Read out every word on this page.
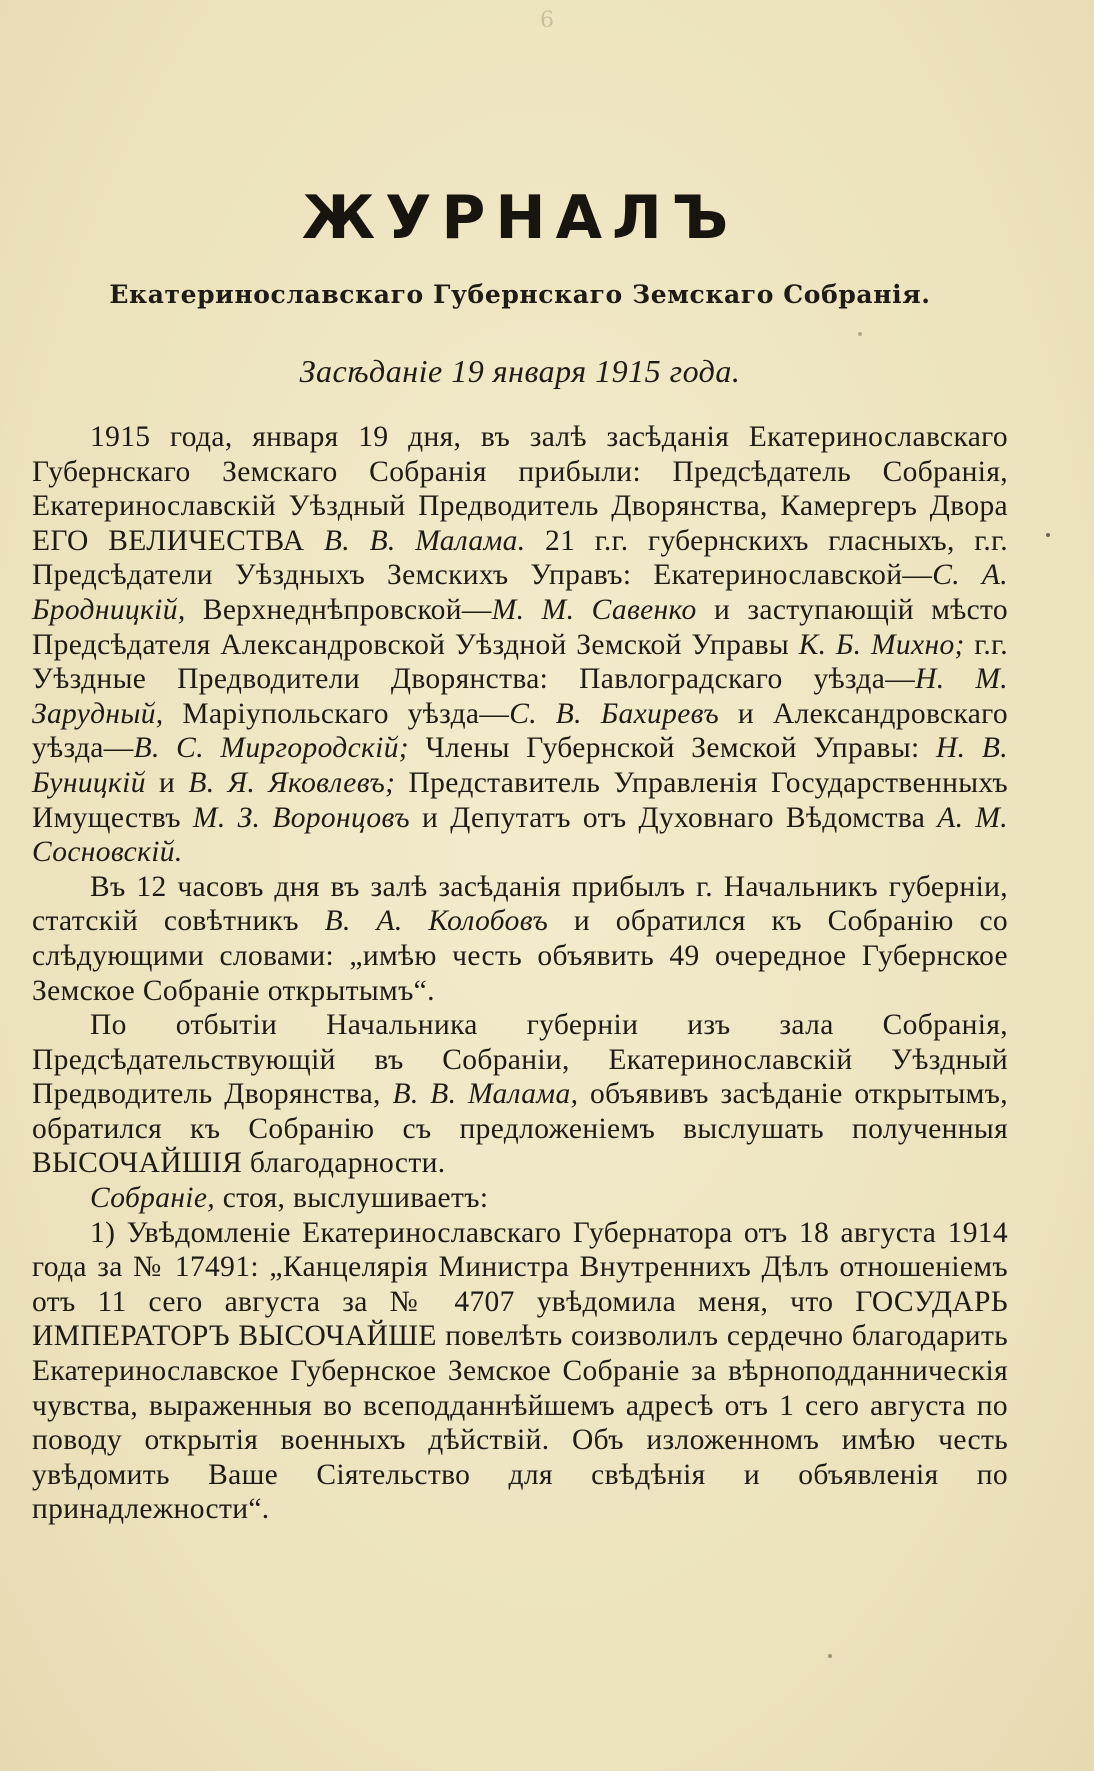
6
ЖУРНАЛЪ
Екатеринославскаго Губернскаго Земскаго Собранія.
Засѣданіе 19 января 1915 года.

1915 года, января 19 дня, въ залѣ засѣданія Екатеринославскаго Губернскаго Земскаго Собранія прибыли: Предсѣдатель Собранія, Екатеринославскій Уѣздный Предводитель Дворянства, Камергеръ Двора ЕГО ВЕЛИЧЕСТВА В. В. Малама. 21 г.г. губернскихъ гласныхъ, г.г. Предсѣдатели Уѣздныхъ Земскихъ Управъ: Екатеринославской—С. А. Бродницкій, Верхнеднѣпровской—М. М. Савенко и заступающій мѣсто Предсѣдателя Александровской Уѣздной Земской Управы К. Б. Михно; г.г. Уѣздные Предводители Дворянства: Павлоградскаго уѣзда—Н. М. Зарудный, Маріупольскаго уѣзда—С. В. Бахиревъ и Александровскаго уѣзда—В. С. Миргородскій; Члены Губернской Земской Управы: Н. В. Буницкій и В. Я. Яковлевъ; Представитель Управленія Государственныхъ Имуществъ М. З. Воронцовъ и Депутатъ отъ Духовнаго Вѣдомства А. М. Сосновскій.

Въ 12 часовъ дня въ залѣ засѣданія прибылъ г. Начальникъ губерніи, статскій совѣтникъ В. А. Колобовъ и обратился къ Собранію со слѣдующими словами: „имѣю честь объявить 49 очередное Губернское Земское Собраніе открытымъ“.

По отбытіи Начальника губерніи изъ зала Собранія, Предсѣдательствующій въ Собраніи, Екатеринославскій Уѣздный Предводитель Дворянства, В. В. Малама, объявивъ засѣданіе открытымъ, обратился къ Собранію съ предложеніемъ выслушать полученныя ВЫСОЧАЙШІЯ благодарности.

Собраніе, стоя, выслушиваетъ:

1) Увѣдомленіе Екатеринославскаго Губернатора отъ 18 августа 1914 года за № 17491: „Канцелярія Министра Внутреннихъ Дѣлъ отношеніемъ отъ 11 сего августа за № 4707 увѣдомила меня, что ГОСУДАРЬ ИМПЕРАТОРЪ ВЫСОЧАЙШЕ повелѣть соизволилъ сердечно благодарить Екатеринославское Губернское Земское Собраніе за вѣрноподданническія чувства, выраженныя во всеподданнѣйшемъ адресѣ отъ 1 сего августа по поводу открытія военныхъ дѣйствій. Объ изложенномъ имѣю честь увѣдомить Ваше Сіятельство для свѣдѣнія и объявленія по принадлежности“.
